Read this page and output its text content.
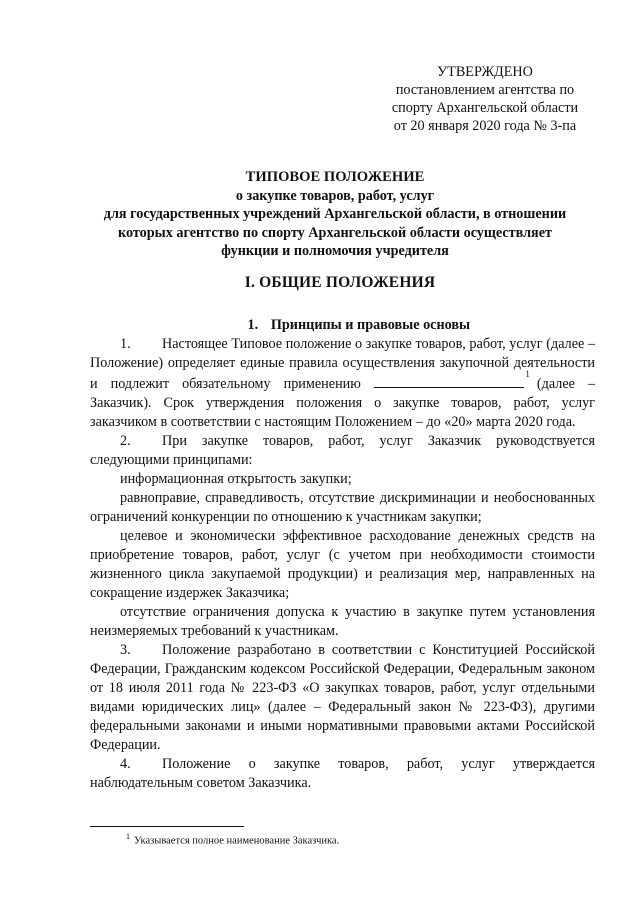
УТВЕРЖДЕНО
постановлением агентства по
спорту Архангельской области
от 20 января 2020 года № 3-па
ТИПОВОЕ ПОЛОЖЕНИЕ
о закупке товаров, работ, услуг
для государственных учреждений Архангельской области, в отношении
которых агентство по спорту Архангельской области осуществляет
функции и полномочия учредителя
I. ОБЩИЕ ПОЛОЖЕНИЯ

1. Принципы и правовые основы

1. Настоящее Типовое положение о закупке товаров, работ, услуг (далее – Положение) определяет единые правила осуществления закупочной деятельности и подлежит обязательному применению
1
(далее – Заказчик). Срок утверждения положения о закупке товаров, работ, услуг заказчиком в соответствии с настоящим Положением – до «20» марта 2020 года.

2. При закупке товаров, работ, услуг Заказчик руководствуется следующими принципами:

информационная открытость закупки;

равноправие, справедливость, отсутствие дискриминации и необоснованных ограничений конкуренции по отношению к участникам закупки;

целевое и экономически эффективное расходование денежных средств на приобретение товаров, работ, услуг (с учетом при необходимости стоимости жизненного цикла закупаемой продукции) и реализация мер, направленных на сокращение издержек Заказчика;

отсутствие ограничения допуска к участию в закупке путем установления неизмеряемых требований к участникам.

3. Положение разработано в соответствии с Конституцией Российской Федерации, Гражданским кодексом Российской Федерации, Федеральным законом от 18 июля 2011 года № 223-ФЗ «О закупках товаров, работ, услуг отдельными видами юридических лиц» (далее – Федеральный закон № 223-ФЗ), другими федеральными законами и иными нормативными правовыми актами Российской Федерации.

4. Положение о закупке товаров, работ, услуг утверждается наблюдательным советом Заказчика.

$^1$ Указывается полное наименование Заказчика.
